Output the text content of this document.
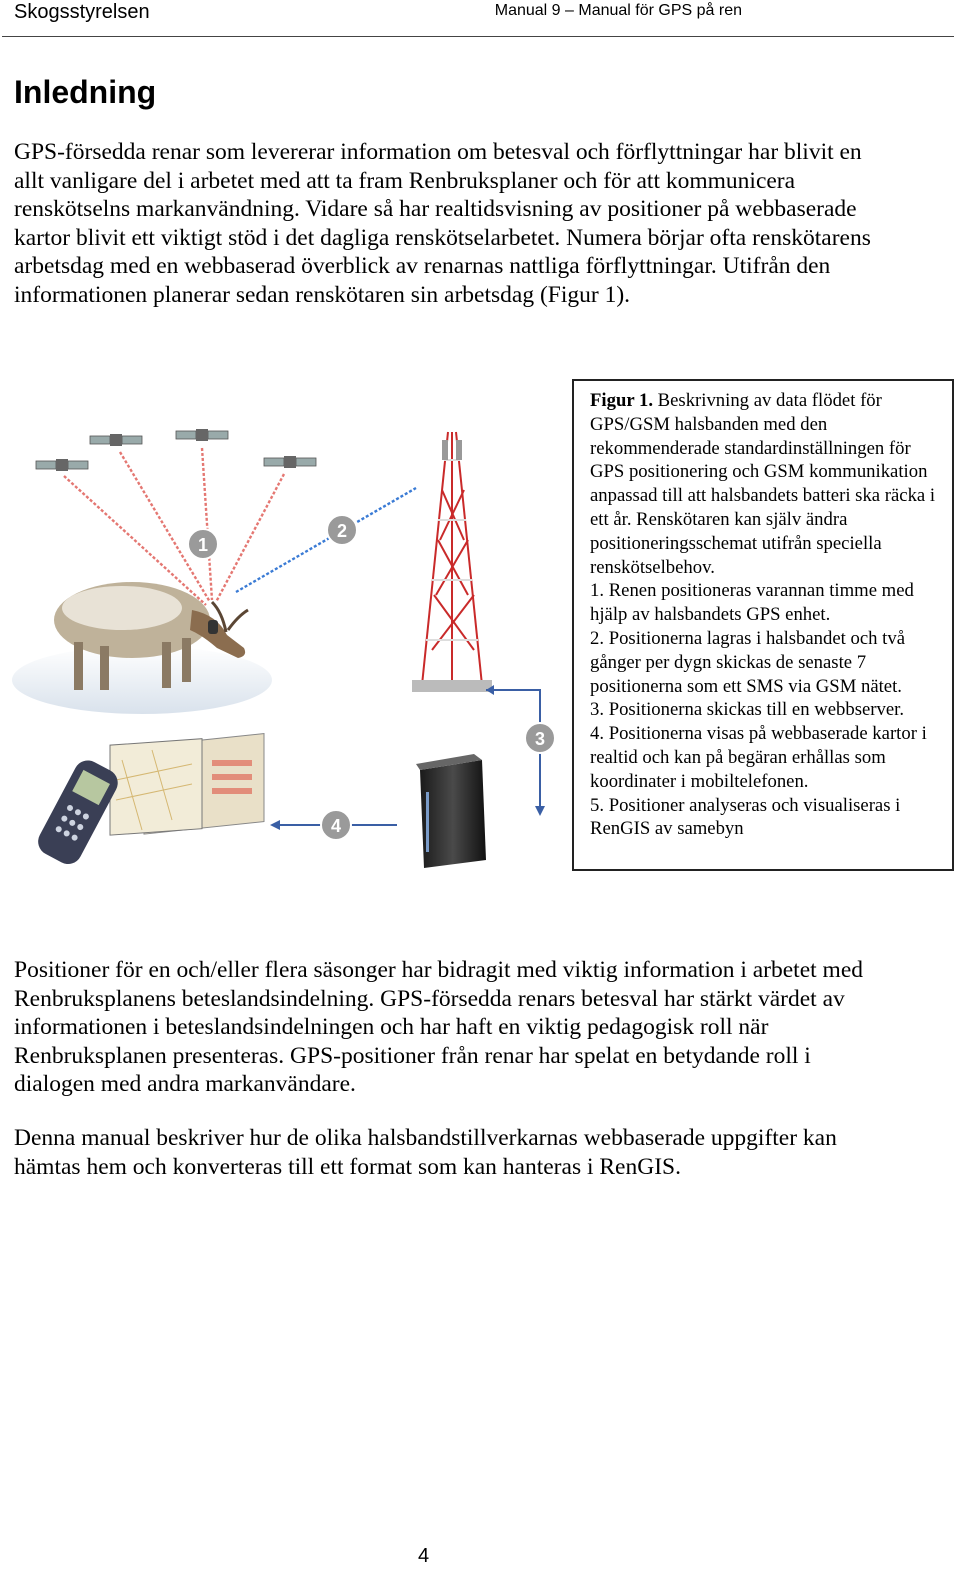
Skogsstyrelsen	Manual 9 – Manual för GPS på ren
Inledning

GPS-försedda renar som levererar information om betesval och förflyttningar har blivit en allt vanligare del i arbetet med att ta fram Renbruksplaner och för att kommunicera renskötselns markanvändning. Vidare så har realtidsvisning av positioner på webbaserade kartor blivit ett viktigt stöd i det dagliga renskötselarbetet. Numera börjar ofta renskötarens arbetsdag med en webbaserad överblick av renarnas nattliga förflyttningar. Utifrån den informationen planerar sedan renskötaren sin arbetsdag (Figur 1).

1
2
3
4

Figur 1. Beskrivning av data flödet för GPS/GSM halsbanden med den rekommenderade standardinställningen för GPS positionering och GSM kommunikation anpassad till att halsbandets batteri ska räcka i ett år. Renskötaren kan själv ändra positioneringsschemat utifrån speciella renskötselbehov.

1. Renen positioneras varannan timme med hjälp av halsbandets GPS enhet.

2. Positionerna lagras i halsbandet och två gånger per dygn skickas de senaste 7 positionerna som ett SMS via GSM nätet.

3. Positionerna skickas till en webbserver.

4. Positionerna visas på webbaserade kartor i realtid och kan på begäran erhållas som koordinater i mobiltelefonen.

5. Positioner analyseras och visualiseras i RenGIS av samebyn

Positioner för en och/eller flera säsonger har bidragit med viktig information i arbetet med Renbruksplanens beteslandsindelning. GPS-försedda renars betesval har stärkt värdet av informationen i beteslandsindelningen och har haft en viktig pedagogisk roll när Renbruksplanen presenteras. GPS-positioner från renar har spelat en betydande roll i dialogen med andra markanvändare.

Denna manual beskriver hur de olika halsbandstillverkarnas webbaserade uppgifter kan hämtas hem och konverteras till ett format som kan hanteras i RenGIS.

4
